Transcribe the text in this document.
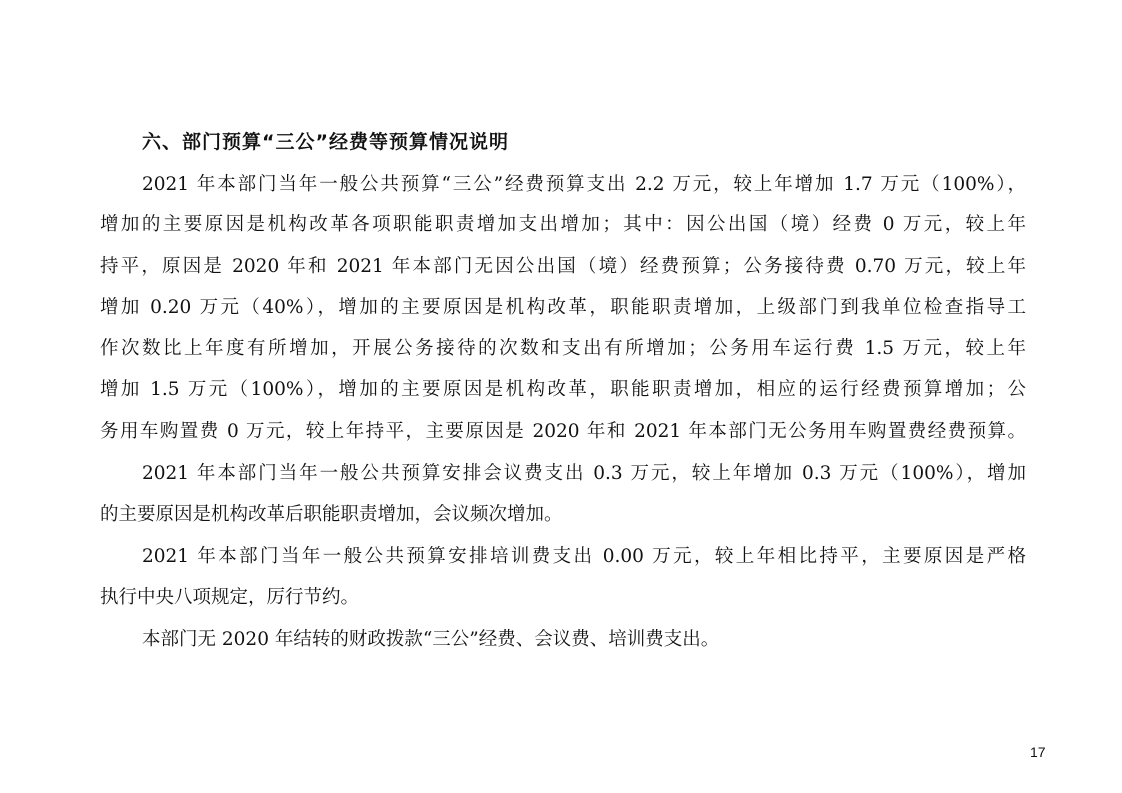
六、部门预算“三公”经费等预算情况说明
2021 年本部门当年一般公共预算“三公”经费预算支出 2.2 万元，较上年增加 1.7 万元（100%），
增加的主要原因是机构改革各项职能职责增加支出增加；其中：因公出国（境）经费 0 万元，较上年
持平，原因是 2020 年和 2021 年本部门无因公出国（境）经费预算；公务接待费 0.70 万元，较上年
增加 0.20 万元（40%），增加的主要原因是机构改革，职能职责增加，上级部门到我单位检查指导工
作次数比上年度有所增加，开展公务接待的次数和支出有所增加；公务用车运行费 1.5 万元，较上年
增加 1.5 万元（100%），增加的主要原因是机构改革，职能职责增加，相应的运行经费预算增加；公
务用车购置费 0 万元，较上年持平，主要原因是 2020 年和 2021 年本部门无公务用车购置费经费预算。
2021 年本部门当年一般公共预算安排会议费支出 0.3 万元，较上年增加 0.3 万元（100%），增加
的主要原因是机构改革后职能职责增加，会议频次增加。
2021 年本部门当年一般公共预算安排培训费支出 0.00 万元，较上年相比持平，主要原因是严格
执行中央八项规定，厉行节约。
本部门无 2020 年结转的财政拨款“三公”经费、会议费、培训费支出。
17
